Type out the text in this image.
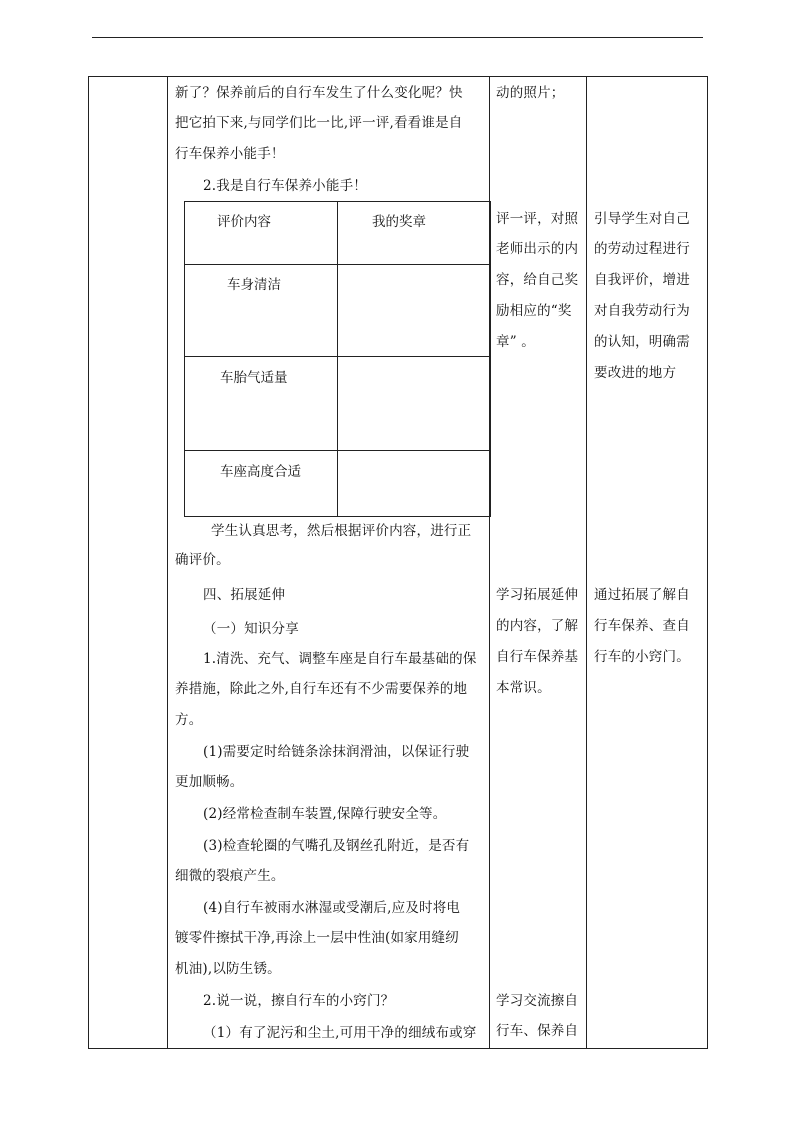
新了？保养前后的自行车发生了什么变化呢？快
把它拍下来,与同学们比一比,评一评,看看谁是自
行车保养小能手！
2.我是自行车保养小能手！
评价内容	我的奖章
车身清洁
车胎气适量
车座高度合适
学生认真思考，然后根据评价内容，进行正
确评价。
四、拓展延伸
（一）知识分享
1.清洗、充气、调整车座是自行车最基础的保
养措施，除此之外,自行车还有不少需要保养的地
方。
(1)需要定时给链条涂抹润滑油，以保证行驶
更加顺畅。
(2)经常检查制车装置,保障行驶安全等。
(3)检查轮圈的气嘴孔及钢丝孔附近，是否有
细微的裂痕产生。
(4)自行车被雨水淋湿或受潮后,应及时将电
镀零件擦拭干净,再涂上一层中性油(如家用缝纫
机油),以防生锈。
2.说一说，擦自行车的小窍门？
（1）有了泥污和尘土,可用干净的细绒布或穿
动的照片；
评一评，对照
老师出示的内
容，给自己奖
励相应的“奖
章” 。
学习拓展延伸
的内容，了解
自行车保养基
本常识。
学习交流擦自
行车、保养自
引导学生对自己
的劳动过程进行
自我评价，增进
对自我劳动行为
的认知，明确需
要改进的地方
通过拓展了解自
行车保养、查自
行车的小窍门。
